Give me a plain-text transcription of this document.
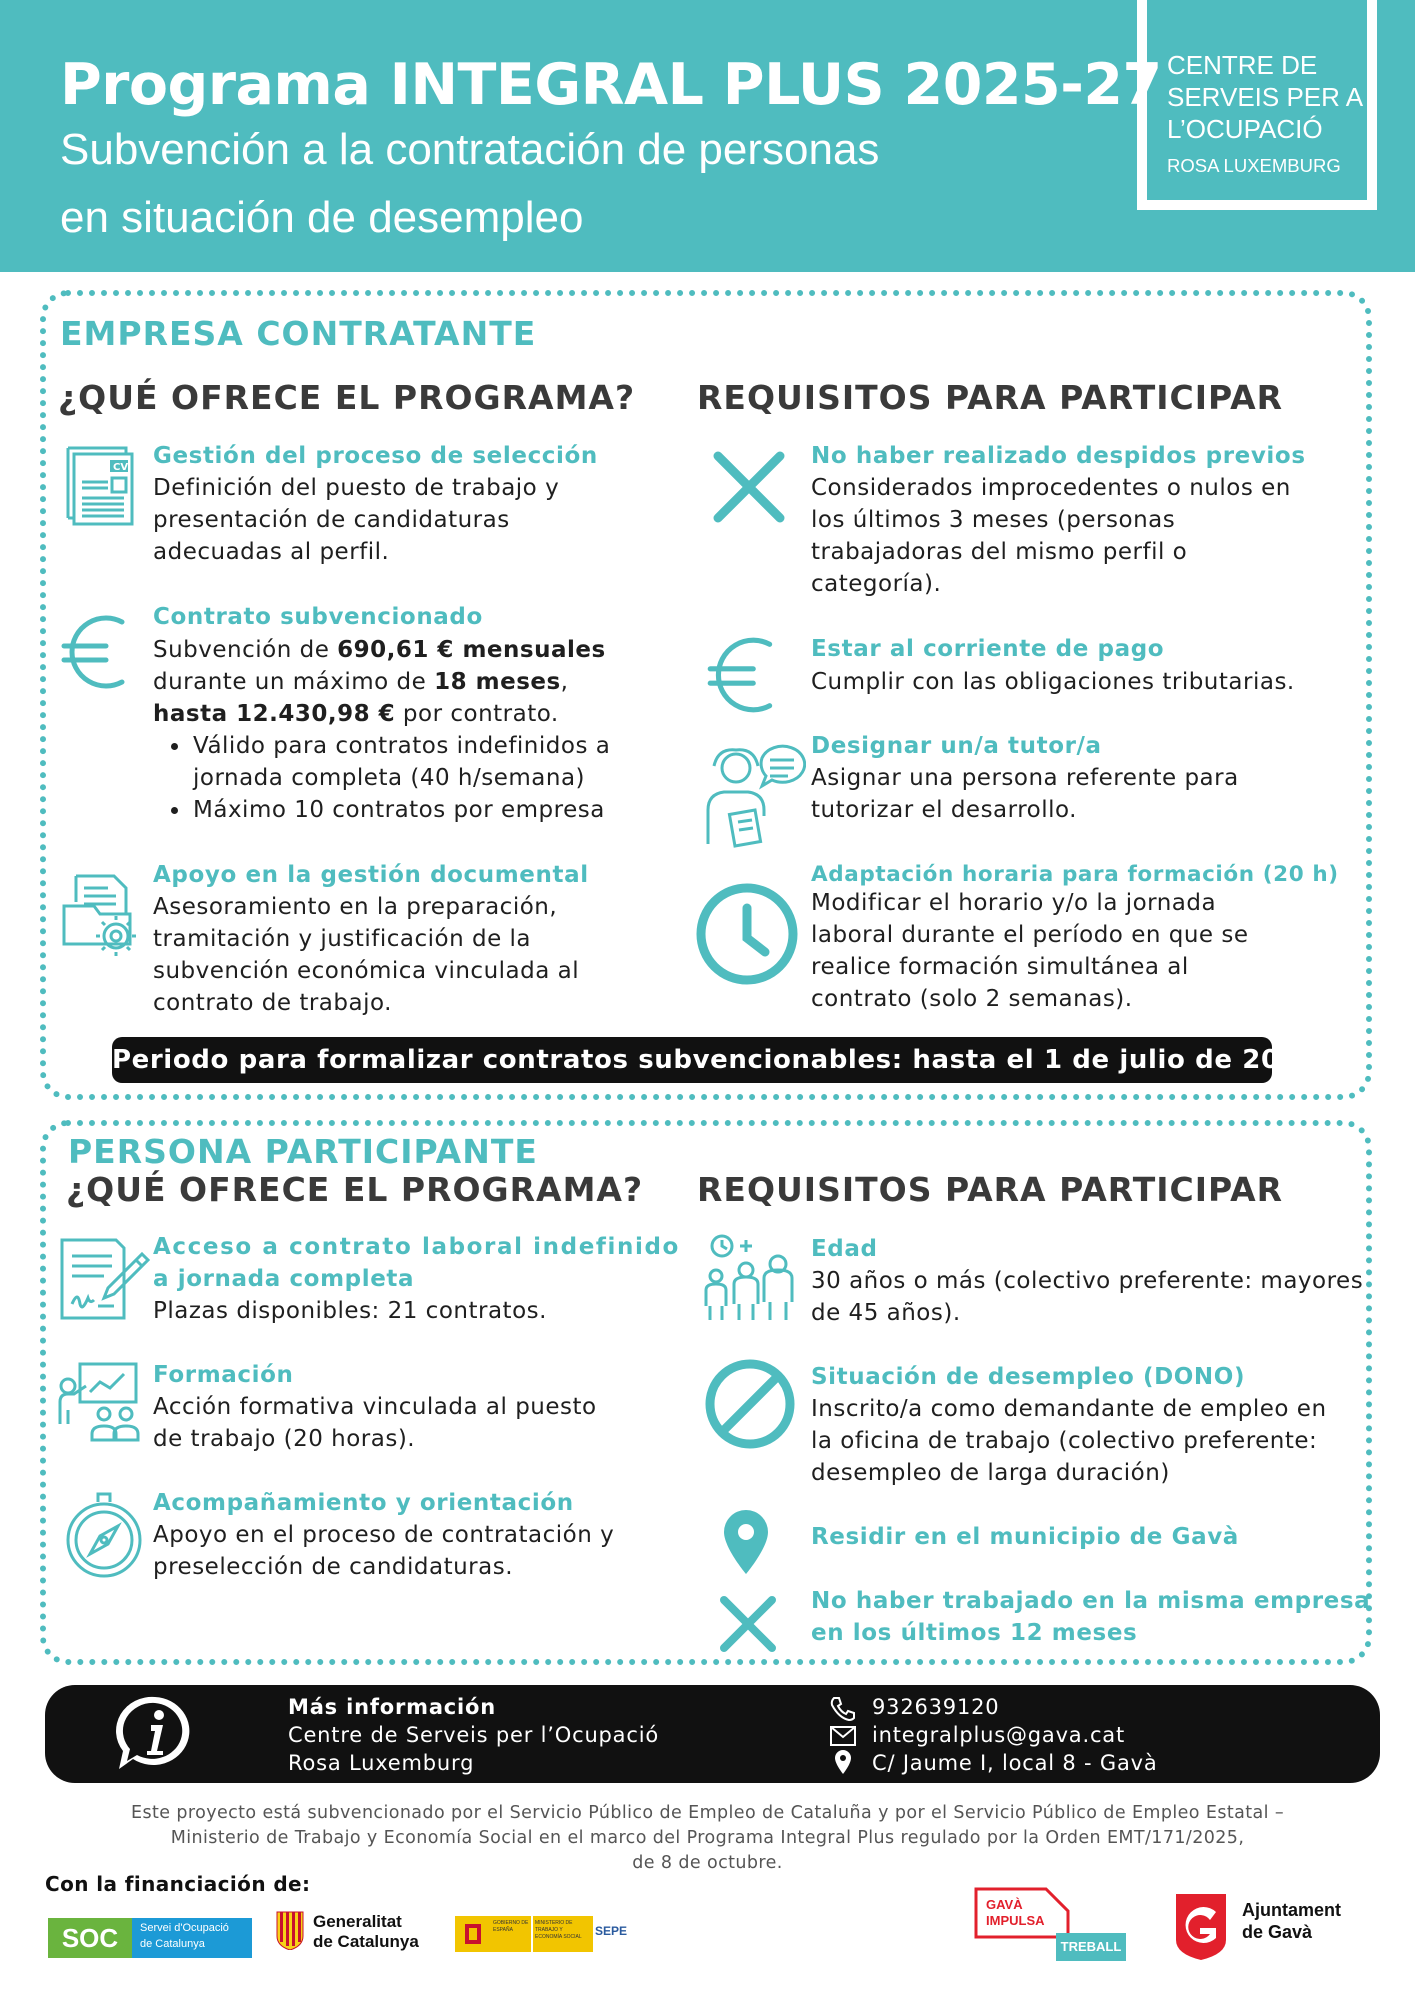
Programa INTEGRAL PLUS 2025-27
Subvención a la contratación de personas
en situación de desempleo
CENTRE DE
SERVEIS PER A
L’OCUPACIÓ
ROSA LUXEMBURG
EMPRESA CONTRATANTE
¿QUÉ OFRECE EL PROGRAMA? REQUISITOS PARA PARTICIPAR
CV Gestión del proceso de selección
Definición del puesto de trabajo y
presentación de candidaturas
adecuadas al perfil.
Contrato subvencionado
Subvención de 690,61 € mensuales
durante un máximo de 18 meses,
hasta 12.430,98 € por contrato.
Válido para contratos indefinidos a
jornada completa (40 h/semana)
Máximo 10 contratos por empresa
Apoyo en la gestión documental
Asesoramiento en la preparación,
tramitación y justificación de la
subvención económica vinculada al
contrato de trabajo.
No haber realizado despidos previos
Considerados improcedentes o nulos en
los últimos 3 meses (personas
trabajadoras del mismo perfil o
categoría).
Estar al corriente de pago
Cumplir con las obligaciones tributarias.
Designar un/a tutor/a
Asignar una persona referente para
tutorizar el desarrollo.
Adaptación horaria para formación (20 h)
Modificar el horario y/o la jornada
laboral durante el período en que se
realice formación simultánea al
contrato (solo 2 semanas).
Periodo para formalizar contratos subvencionables: hasta el 1 de julio de 2026
PERSONA PARTICIPANTE
¿QUÉ OFRECE EL PROGRAMA? REQUISITOS PARA PARTICIPAR
Acceso a contrato laboral indefinido
a jornada completa
Plazas disponibles: 21 contratos.
Formación
Acción formativa vinculada al puesto
de trabajo (20 horas).
Acompañamiento y orientación
Apoyo en el proceso de contratación y
preselección de candidaturas.
Edad
30 años o más (colectivo preferente: mayores
de 45 años).
Situación de desempleo (DONO)
Inscrito/a como demandante de empleo en
la oficina de trabajo (colectivo preferente:
desempleo de larga duración)
Residir en el municipio de Gavà
No haber trabajado en la misma empresa
en los últimos 12 meses
Más información
Centre de Serveis per l’Ocupació
Rosa Luxemburg
932639120
integralplus@gava.cat
C/ Jaume I, local 8 - Gavà
Este proyecto está subvencionado por el Servicio Público de Empleo de Cataluña y por el Servicio Público de Empleo Estatal –
Ministerio de Trabajo y Economía Social en el marco del Programa Integral Plus regulado por la Orden EMT/171/2025,
de 8 de octubre.
Con la financiación de:
SOC	Servei d'Ocupació
de Catalunya
Generalitat
de Catalunya
GOBIERNO DE ESPAÑA
MINISTERIO DE TRABAJO Y ECONOMÍA SOCIAL	SEPE
GAVÀ
IMPULSA
TREBALL
Ajuntament
de Gavà
